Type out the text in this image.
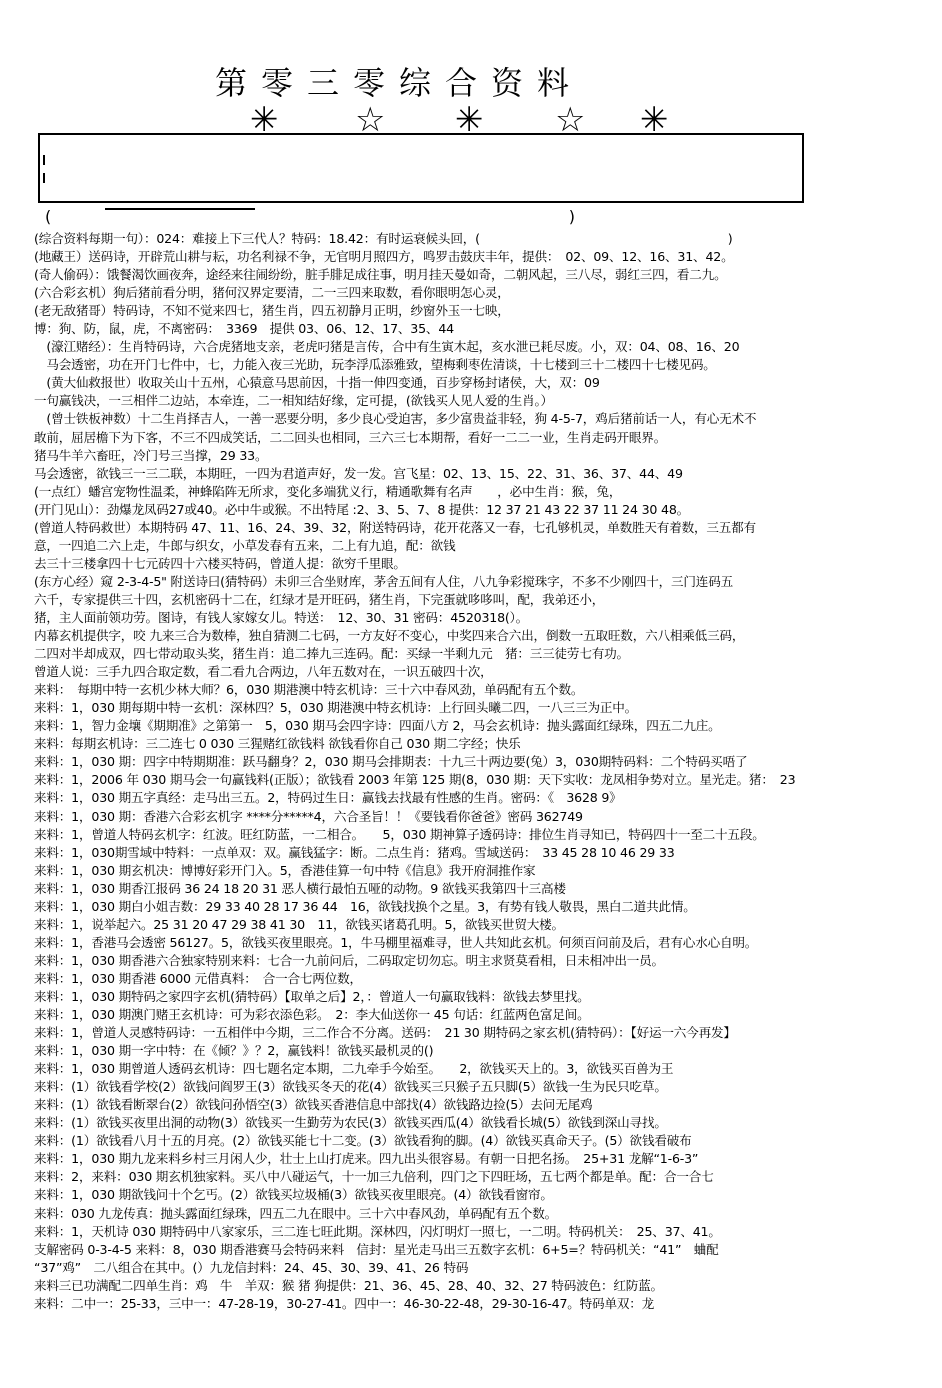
第零三零综合资料
✳ ☆ ✳ ☆ ✳
(	)

(综合资料每期一句）：024：难接上下三代人？特码：18.42：有时运衰候头回，(　　　　　　　　　　　　　　　　　　　　)

(地藏王）送码诗，开辟荒山耕与耘，功名利禄不争，无官明月照四方，鸣罗击鼓庆丰年，提供：　02、09、12、16、31、42。

(奇人偷码）：饿餐渴饮画夜奔，途经来往闹纷纷，脏手腓足成往事，明月挂天曼如奇，二朝风起，三八尽，弱红三四，看二九。

(六合彩玄机）狗后猪前看分明，猪何汉界定要清，二一三四来取数，看你眼明怎心灵，

(老无敌猪哥）特码诗，不知不觉来四七，猪生肖，四五初静月正明，纱窗外玉一七映，

博：狗、防，鼠，虎，不离密码：　3369　提供 03、06、12、17、35、44

　(濠江赌经）：生肖特码诗，六合虎猪地支亲，老虎叼猪是言传，合中有生寅木起，亥水泄已耗尽废。小，双：04、08、16、20

　马会透密，功在开门七件中，七，力能入夜三光助，玩李浮瓜添雅致，望梅剩枣佐清谈，十七楼到三十二楼四十七楼见码。

　(黄大仙救报世）收取关山十五州，心猿意马思前因，十指一伸四变通，百步穿杨封诸侯，大，双：09

一句赢钱决，一三相伴二边站，本牵连，二一相知结好缘，定可提，(欲钱买人见人爱的生肖。）

　(曾士铁板神数）十二生肖择吉人，一善一恶要分明，多少良心受迫害，多少富贵益非轻，狗 4-5-7，鸡后猪前话一人，有心无术不

敢前，屈居檐下为下客，不三不四成笑话，二二回头也相同，三六三七本期帮，看好一二二一业，生肖走码开眼界。

猪马牛羊六畜旺，冷门号三当撑，29 33。

马会透密，欲钱三一三二联，本期旺，一四为君道声好，发一发。宫飞星：02、13、15、22、31、36、37、44、49

(一点红）蟠宫宠物性温柔，神蜂陷阵无所求，变化多端犹义行，精通歌舞有名声　　，必中生肖：猴，兔，

(开门见山）：劲爆龙凤码27或40。必中牛或猴。不出特尾 :2、3、5、7、8 提供：12 37 21 43 22 37 11 24 30 48。

(曾道人特码救世）本期特码 47、11、16、24、39、32，附送特码诗，花开花落又一春，七孔够机灵，单数胜天有着数，三五都有

意，一四追二六上走，牛郎与织女，小草发春有五来，二上有九追，配：欲钱

去三十三楼拿四十七元砖四十六楼买特码，曾道人提：欲穷千里眼。

(东方心经）窥 2-3-4-5" 附送诗曰(猜特码）未卯三合坐财库，茅舍五间有人住，八九争彩搅珠字，不多不少刚四十，三门连码五

六千，专家提供三十四，玄机密码十二在，红绿才是开旺码，猪生肖，下完蛋就哆哆叫，配，我弟还小，

猪，主人面前领功劳。图诗，有钱人家嫁女儿。特送：　12、30、31 密码：4520318(）。

内幕玄机提供字，咬 九来三合为数棒，独自猜测二七码，一方友好不变心，中奖四来合六出，倒数一五取旺数，六八相乘低三码，

二四对半却成双，四七带动取头奖，猪生肖：追二捧九三连码。配：买绿一半剩九元　猪：三三徒劳七有功。

曾道人说：三手九四合取定数，看二看九合两边，八年五数对在，一识五破四十次，

来料：　每期中特一玄机少林大师？6，030 期港澳中特玄机诗：三十六中春风劲，单码配有五个数。

来料：1，030 期每期中特一玄机：深林四？5，030 期港澳中特玄机诗：上行回头曦二四，一八三三为正中。

来料：1，智力金壤《期期准》之第第一　5，030 期马会四字诗：四面八方 2，马会玄机诗：抛头露面红绿珠，四五二九庄。

来料：每期玄机诗：三二连七 0 030 三猩赌红欲钱料 欲钱看你自己 030 期二字经；快乐

来料：1，030 期：四字中特期期准：跃马翻身？2，030 期马会排期表：十九三十两边要(兔）3，030期特码料：二个特码买唔了

来料：1，2006 年 030 期马会一句赢钱料(正版）；欲钱看 2003 年第 125 期(8，030 期：天下实收：龙凤相争势对立。星光走。猪：　23

来料：1，030 期五字真经：走马出三五。2，特码过生日：赢钱去找最有性感的生肖。密码：《　3628 9》

来料：1，030 期：香港六合彩玄机字 ****分*****4，六合圣旨！！《要钱看你爸爸》密码 362749

来料：1，曾道人特码玄机字：红波。旺红防蓝，一二相合。　　5，030 期神算子透码诗：排位生肖寻知已，特码四十一至二十五段。

来料：1，030期雪域中特料：一点单双：双。赢钱猛字：断。二点生肖：猪鸡。雪域送码：　33 45 28 10 46 29 33

来料：1，030 期玄机决：博博好彩开门入。5，香港佳算一句中特《信息》我开府洞推作家

来料：1，030 期香江报码 36 24 18 20 31 恶人横行最怕五哑的动物。9 欲钱买我第四十三高楼

来料：1，030 期白小姐吉数：29 33 40 28 17 36 44　16，欲钱找换个之星。3，有势有钱人敬畏，黑白二道共此情。

来料：1，说举起六。25 31 20 47 29 38 41 30　11，欲钱买诸葛孔明。5，欲钱买世贸大楼。

来料：1，香港马会透密 56127。5，欲钱买夜里眼亮。1，牛马棚里福难寻，世人共知此玄机。何须百问前及后，君有心水心自明。

来料：1，030 期香港六合独家特别来料：七合一九前问后，二码取定切勿忘。明主求贤莫看相，日未相冲出一员。

来料：1，030 期香港 6000 元借真料：　合一合七两位数，

来料：1，030 期特码之家四字玄机(猜特码）【取单之后】2，：曾道人一句赢取钱料：欲钱去梦里找。

来料：1，030 期澳门赌王玄机诗：可为彩衣添色彩。　2：李大仙送你一 45 句话：红蓝两色富足间。

来料：1，曾道人灵感特码诗：一五相伴中今期，三二作合不分离。送码：　21 30 期特码之家玄机(猜特码）：【好运一六今再发】

来料：1，030 期一字中特：在《倾？》？2，赢钱料！欲钱买最机灵的()

来料：1，030 期曾道人透码玄机诗：四七题名定本期，二九牵手今始至。　　2，欲钱买天上的。3，欲钱买百兽为王

来料：(1）欲钱看学校(2）欲钱问阎罗王(3）欲钱买冬天的花(4）欲钱买三只猴子五只脚(5）欲钱一生为民只吃草。

来料：(1）欲钱看断翠台(2）欲钱问孙悟空(3）欲钱买香港信息中部找(4）欲钱路边捡(5）去问无尾鸡

来料：(1）欲钱买夜里出洞的动物(3）欲钱买一生勤劳为农民(3）欲钱买西瓜(4）欲钱看长城(5）欲钱到深山寻找。

来料：(1）欲钱看八月十五的月亮。(2）欲钱买能七十二变。(3）欲钱看狗的脚。(4）欲钱买真命天子。(5）欲钱看破布

来料：1，030 期九龙来料乡村三月闲人少，壮士上山打虎来。四九出头很容易。有朝一日把名扬。　25+31 龙解“1-6-3”

来料：2，来料：030 期玄机独家料。买八中八碰运气，十一加三九倍利，四门之下四旺场，五七两个都是单。配：合一合七

来料：1，030 期欲钱问十个乞丐。(2）欲钱买垃圾桶(3）欲钱买夜里眼亮。(4）欲钱看窗帘。

来料：030 九龙传真：抛头露面红绿珠，四五二九在眼中。三十六中春风劲，单码配有五个数。

来料：1，天机诗 030 期特码中八家家乐，三二连七旺此期。深林四，闪灯明灯一照七，一二明。特码机关：　25、37、41。

支解密码 0-3-4-5 来料：8，030 期香港赛马会特码来料　信封：星光走马出三五数字玄机：6+5=？特码机关：“41”　蛐配

“37”鸡”　二八组合在其中。(）九龙信封料：24、45、30、39、41、26 特码

来料三已功满配二四单生肖：鸡　牛　羊双：猴 猪 狗提供：21、36、45、28、40、32、27 特码波色：红防蓝。

来料：二中一：25-33，三中一：47-28-19，30-27-41。四中一：46-30-22-48，29-30-16-47。特码单双：龙
